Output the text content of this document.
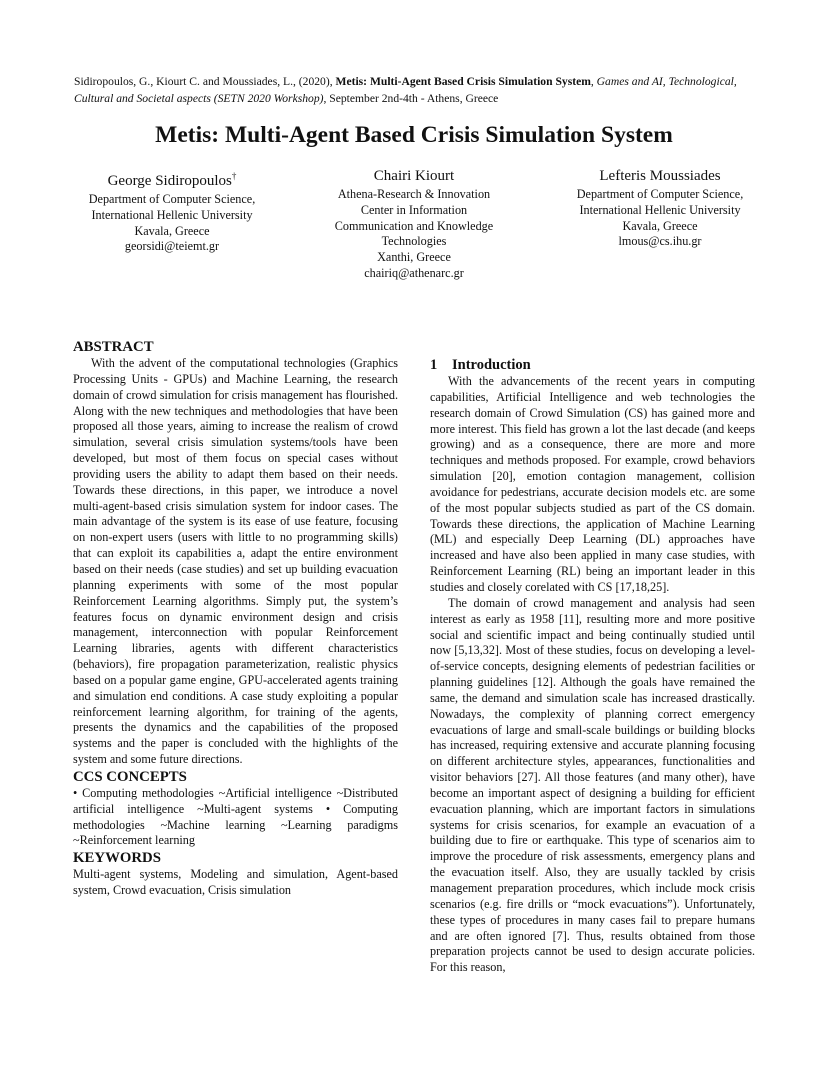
Sidiropoulos, G., Kiourt C. and Moussiades, L., (2020), Metis: Multi-Agent Based Crisis Simulation System, Games and AI, Technological, Cultural and Societal aspects (SETN 2020 Workshop), September 2nd-4th - Athens, Greece
Metis: Multi-Agent Based Crisis Simulation System
George Sidiropoulos†
Department of Computer Science,
International Hellenic University
Kavala, Greece
georsidi@teiemt.gr
Chairi Kiourt
Athena-Research & Innovation
Center in Information
Communication and Knowledge
Technologies
Xanthi, Greece
chairiq@athenarc.gr
Lefteris Moussiades
Department of Computer Science,
International Hellenic University
Kavala, Greece
lmous@cs.ihu.gr
ABSTRACT

With the advent of the computational technologies (Graphics Processing Units - GPUs) and Machine Learning, the research domain of crowd simulation for crisis management has flourished. Along with the new techniques and methodologies that have been proposed all those years, aiming to increase the realism of crowd simulation, several crisis simulation systems/tools have been developed, but most of them focus on special cases without providing users the ability to adapt them based on their needs. Towards these directions, in this paper, we introduce a novel multi-agent-based crisis simulation system for indoor cases. The main advantage of the system is its ease of use feature, focusing on non-expert users (users with little to no programming skills) that can exploit its capabilities a, adapt the entire environment based on their needs (case studies) and set up building evacuation planning experiments with some of the most popular Reinforcement Learning algorithms. Simply put, the system’s features focus on dynamic environment design and crisis management, interconnection with popular Reinforcement Learning libraries, agents with different characteristics (behaviors), fire propagation parameterization, realistic physics based on a popular game engine, GPU-accelerated agents training and simulation end conditions. A case study exploiting a popular reinforcement learning algorithm, for training of the agents, presents the dynamics and the capabilities of the proposed systems and the paper is concluded with the highlights of the system and some future directions.

CCS CONCEPTS

• Computing methodologies ~Artificial intelligence ~Distributed artificial intelligence ~Multi-agent systems • Computing methodologies ~Machine learning ~Learning paradigms ~Reinforcement learning

KEYWORDS

Multi-agent systems, Modeling and simulation, Agent-based system, Crowd evacuation, Crisis simulation

1 Introduction

With the advancements of the recent years in computing capabilities, Artificial Intelligence and web technologies the research domain of Crowd Simulation (CS) has gained more and more interest. This field has grown a lot the last decade (and keeps growing) and as a consequence, there are more and more techniques and methods proposed. For example, crowd behaviors simulation [20], emotion contagion management, collision avoidance for pedestrians, accurate decision models etc. are some of the most popular subjects studied as part of the CS domain. Towards these directions, the application of Machine Learning (ML) and especially Deep Learning (DL) approaches have increased and have also been applied in many case studies, with Reinforcement Learning (RL) being an important leader in this studies and closely corelated with CS [17,18,25].

The domain of crowd management and analysis had seen interest as early as 1958 [11], resulting more and more positive social and scientific impact and being continually studied until now [5,13,32]. Most of these studies, focus on developing a level-of-service concepts, designing elements of pedestrian facilities or planning guidelines [12]. Although the goals have remained the same, the demand and simulation scale has increased drastically. Nowadays, the complexity of planning correct emergency evacuations of large and small-scale buildings or building blocks has increased, requiring extensive and accurate planning focusing on different architecture styles, appearances, functionalities and visitor behaviors [27]. All those features (and many other), have become an important aspect of designing a building for efficient evacuation planning, which are important factors in simulations systems for crisis scenarios, for example an evacuation of a building due to fire or earthquake. This type of scenarios aim to improve the procedure of risk assessments, emergency plans and the evacuation itself. Also, they are usually tackled by crisis management preparation procedures, which include mock crisis scenarios (e.g. fire drills or “mock evacuations”). Unfortunately, these types of procedures in many cases fail to prepare humans and are often ignored [7]. Thus, results obtained from those preparation projects cannot be used to design accurate policies. For this reason,
